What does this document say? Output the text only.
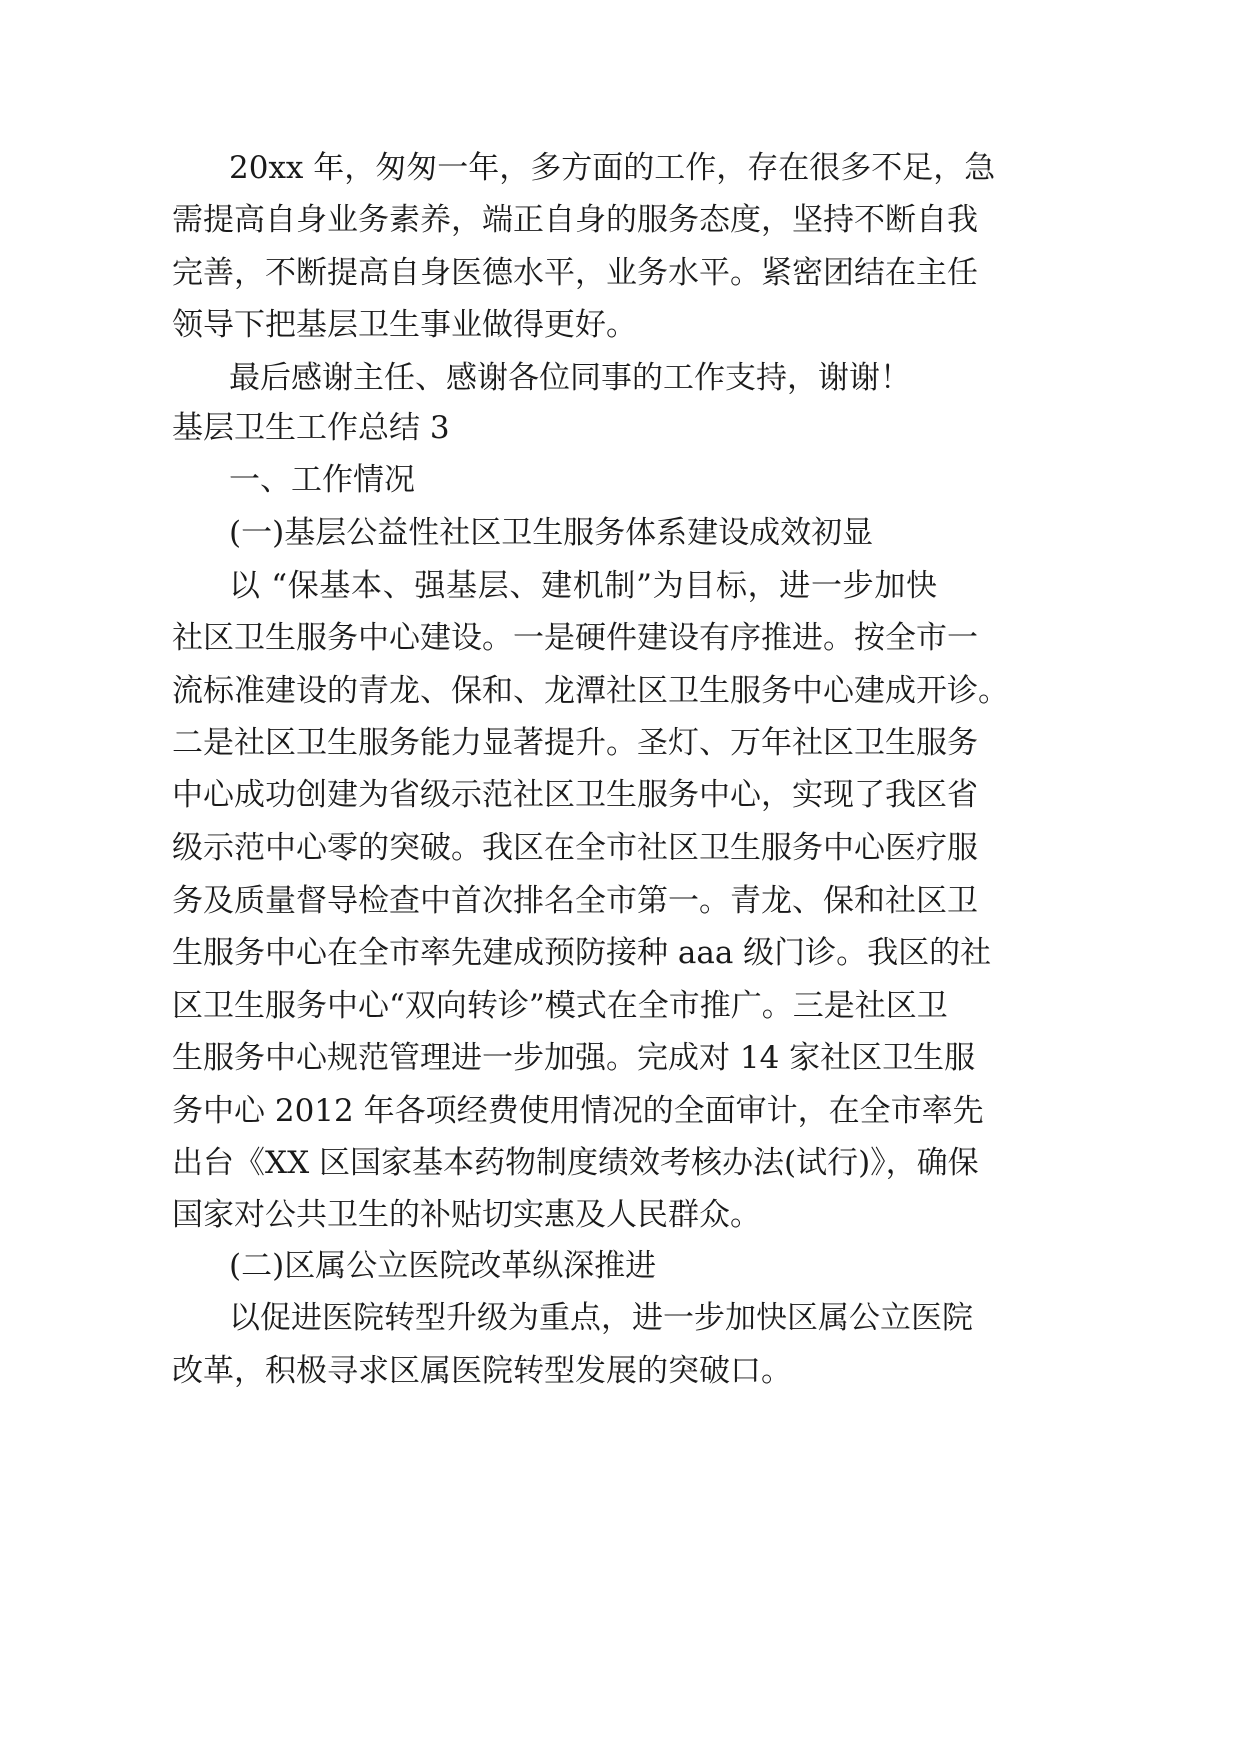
20xx 年，匆匆一年，多方面的工作，存在很多不足，急
需提高自身业务素养，端正自身的服务态度，坚持不断自我
完善，不断提高自身医德水平，业务水平。紧密团结在主任
领导下把基层卫生事业做得更好。
最后感谢主任、感谢各位同事的工作支持，谢谢！
基层卫生工作总结 3
一、工作情况
(一)基层公益性社区卫生服务体系建设成效初显
以 “保基本、强基层、建机制”为目标，进一步加快
社区卫生服务中心建设。一是硬件建设有序推进。按全市一
流标准建设的青龙、保和、龙潭社区卫生服务中心建成开诊。
二是社区卫生服务能力显著提升。圣灯、万年社区卫生服务
中心成功创建为省级示范社区卫生服务中心，实现了我区省
级示范中心零的突破。我区在全市社区卫生服务中心医疗服
务及质量督导检查中首次排名全市第一。青龙、保和社区卫
生服务中心在全市率先建成预防接种 aaa 级门诊。我区的社
区卫生服务中心“双向转诊”模式在全市推广。三是社区卫
生服务中心规范管理进一步加强。完成对 14 家社区卫生服
务中心 2012 年各项经费使用情况的全面审计，在全市率先
出台《XX 区国家基本药物制度绩效考核办法(试行)》，确保
国家对公共卫生的补贴切实惠及人民群众。
(二)区属公立医院改革纵深推进
以促进医院转型升级为重点，进一步加快区属公立医院
改革，积极寻求区属医院转型发展的突破口。
